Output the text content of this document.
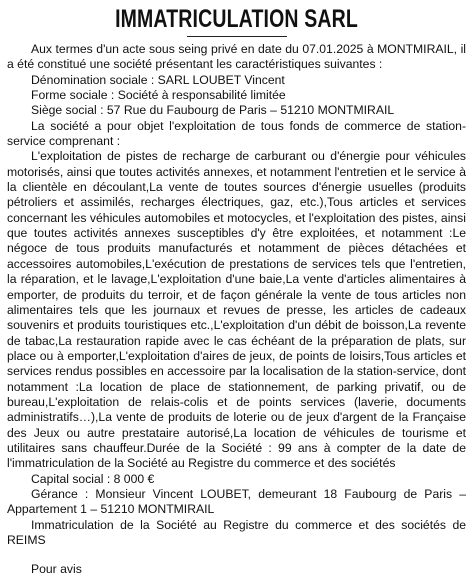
IMMATRICULATION SARL

Aux termes d'un acte sous seing privé en date du 07.01.2025 à MONTMIRAIL, il a été constitué une société présentant les caractéristiques suivantes :

Dénomination sociale : SARL LOUBET Vincent

Forme sociale : Société à responsabilité limitée

Siège social : 57 Rue du Faubourg de Paris – 51210 MONTMIRAIL

La société a pour objet l'exploitation de tous fonds de commerce de station-service comprenant :

L'exploitation de pistes de recharge de carburant ou d'énergie pour véhicules motorisés, ainsi que toutes activités annexes, et notamment l'entretien et le service à la clientèle en découlant,La vente de toutes sources d'énergie usuelles (produits pétroliers et assimilés, recharges électriques, gaz, etc.),Tous articles et services concernant les véhicules automobiles et motocycles, et l'exploitation des pistes, ainsi que toutes activités annexes susceptibles d'y être exploitées, et notamment :Le négoce de tous produits manufacturés et notamment de pièces détachées et accessoires automobiles,L'exécution de prestations de services tels que l'entretien, la réparation, et le lavage,L'exploitation d'une baie,La vente d'articles alimentaires à emporter, de produits du terroir, et de façon générale la vente de tous articles non alimentaires tels que les journaux et revues de presse, les articles de cadeaux souvenirs et produits touristiques etc.,L'exploitation d'un débit de boisson,La revente de tabac,La restauration rapide avec le cas échéant de la préparation de plats, sur place ou à emporter,L'exploitation d'aires de jeux, de points de loisirs,Tous articles et services rendus possibles en accessoire par la localisation de la station-service, dont notamment :La location de place de stationnement, de parking privatif, ou de bureau,L'exploitation de relais-colis et de points services (laverie, documents administratifs…),La vente de produits de loterie ou de jeux d'argent de la Française des Jeux ou autre prestataire autorisé,La location de véhicules de tourisme et utilitaires sans chauffeur.Durée de la Société : 99 ans à compter de la date de l'immatriculation de la Société au Registre du commerce et des sociétés

Capital social : 8 000 €

Gérance : Monsieur Vincent LOUBET, demeurant 18 Faubourg de Paris – Appartement 1 – 51210 MONTMIRAIL

Immatriculation de la Société au Registre du commerce et des sociétés de REIMS

Pour avis
